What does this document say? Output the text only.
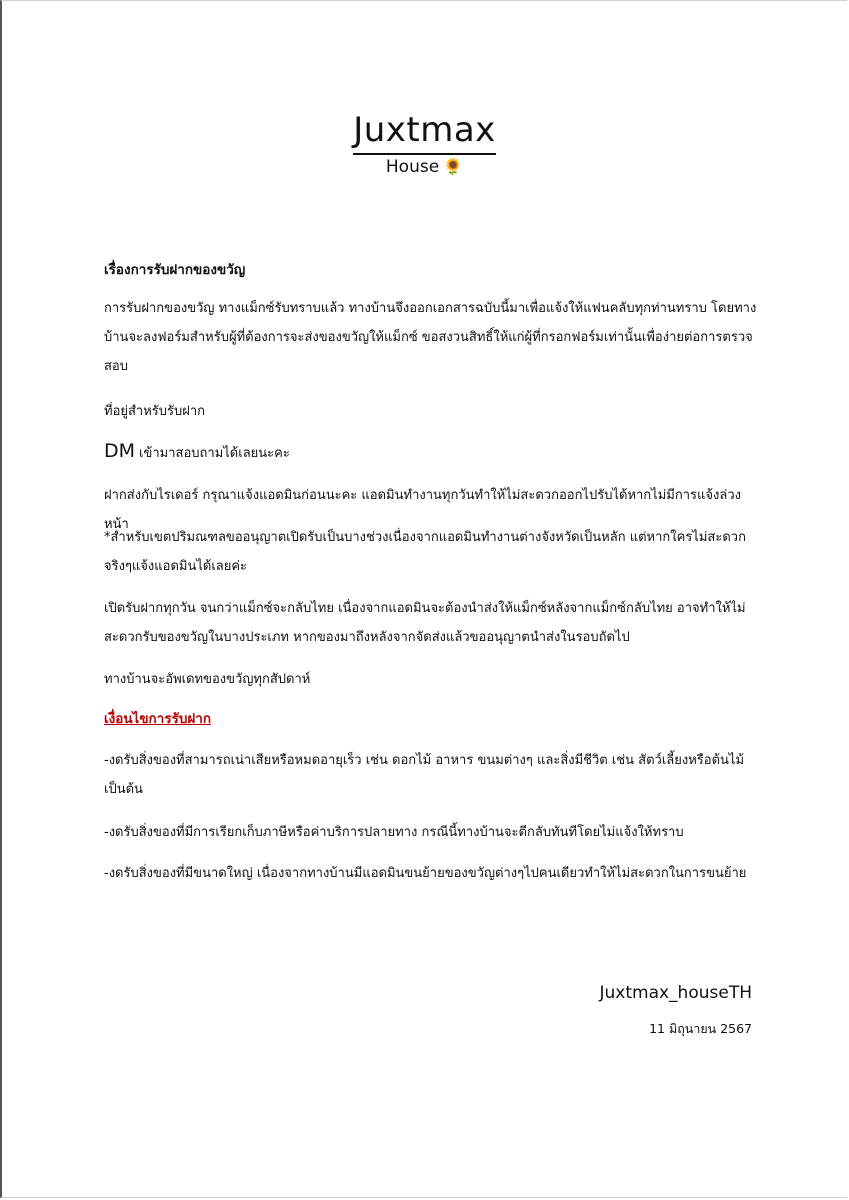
Juxtmax
House 🌻

เรื่องการรับฝากของขวัญ

การรับฝากของขวัญ ทางแม็กซ์รับทราบแล้ว ทางบ้านจึงออกเอกสารฉบับนี้มาเพื่อแจ้งให้แฟนคลับทุกท่านทราบ โดยทางบ้านจะลงฟอร์มสำหรับผู้ที่ต้องการจะส่งของขวัญให้แม็กซ์ ขอสงวนสิทธิ์ให้แก่ผู้ที่กรอกฟอร์มเท่านั้นเพื่อง่ายต่อการตรวจสอบ

ที่อยู่สำหรับรับฝาก

DM เข้ามาสอบถามได้เลยนะคะ

ฝากส่งกับไรเดอร์ กรุณาแจ้งแอดมินก่อนนะคะ แอดมินทำงานทุกวันทำให้ไม่สะดวกออกไปรับได้หากไม่มีการแจ้งล่วงหน้า

*สำหรับเขตปริมณฑลขออนุญาตเปิดรับเป็นบางช่วงเนื่องจากแอดมินทำงานต่างจังหวัดเป็นหลัก แต่หากใครไม่สะดวกจริงๆแจ้งแอดมินได้เลยค่ะ

เปิดรับฝากทุกวัน จนกว่าแม็กซ์จะกลับไทย เนื่องจากแอดมินจะต้องนำส่งให้แม็กซ์หลังจากแม็กซ์กลับไทย อาจทำให้ไม่สะดวกรับของขวัญในบางประเภท หากของมาถึงหลังจากจัดส่งแล้วขออนุญาตนำส่งในรอบถัดไป

ทางบ้านจะอัพเดทของขวัญทุกสัปดาห์

เงื่อนไขการรับฝาก

-งดรับสิ่งของที่สามารถเน่าเสียหรือหมดอายุเร็ว เช่น ดอกไม้ อาหาร ขนมต่างๆ และสิ่งมีชีวิต เช่น สัตว์เลี้ยงหรือต้นไม้ เป็นต้น

-งดรับสิ่งของที่มีการเรียกเก็บภาษีหรือค่าบริการปลายทาง กรณีนี้ทางบ้านจะตีกลับทันทีโดยไม่แจ้งให้ทราบ

-งดรับสิ่งของที่มีขนาดใหญ่ เนื่องจากทางบ้านมีแอดมินขนย้ายของขวัญต่างๆไปคนเดียวทำให้ไม่สะดวกในการขนย้าย

Juxtmax_houseTH
11 มิถุนายน 2567
